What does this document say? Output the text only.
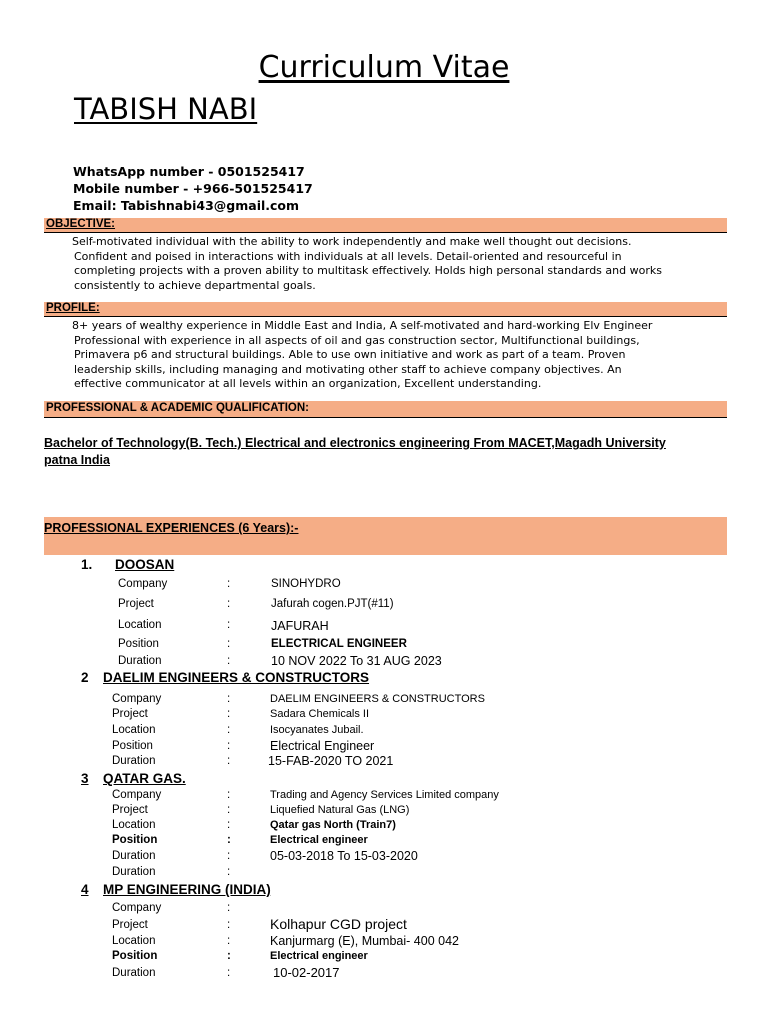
Curriculum Vitae
TABISH NABI
WhatsApp number - 0501525417
Mobile number - +966-501525417
Email: Tabishnabi43@gmail.com
OBJECTIVE:
Self-motivated individual with the ability to work independently and make well thought out decisions.
Confident and poised in interactions with individuals at all levels. Detail-oriented and resourceful in
completing projects with a proven ability to multitask effectively. Holds high personal standards and works
consistently to achieve departmental goals.
PROFILE:
8+ years of wealthy experience in Middle East and India, A self-motivated and hard-working Elv Engineer
Professional with experience in all aspects of oil and gas construction sector, Multifunctional buildings,
Primavera p6 and structural buildings. Able to use own initiative and work as part of a team. Proven
leadership skills, including managing and motivating other staff to achieve company objectives. An
effective communicator at all levels within an organization, Excellent understanding.
PROFESSIONAL & ACADEMIC QUALIFICATION:
Bachelor of Technology(B. Tech.) Electrical and electronics engineering From MACET,Magadh University
patna India
PROFESSIONAL EXPERIENCES (6 Years):-
1. DOOSAN
Company	:	SINOHYDRO
Project	:	Jafurah cogen.PJT(#11)
Location	:	JAFURAH
Position	:	ELECTRICAL ENGINEER
Duration	:	10 NOV 2022 To 31 AUG 2023
2 DAELIM ENGINEERS & CONSTRUCTORS
Company	:	DAELIM ENGINEERS & CONSTRUCTORS
Project	:	Sadara Chemicals II
Location	:	Isocyanates Jubail.
Position	:	Electrical Engineer
Duration	:	15-FAB-2020 TO 2021
3 QATAR GAS.
Company	:	Trading and Agency Services Limited company
Project	:	Liquefied Natural Gas (LNG)
Location	:	Qatar gas North (Train7)
Position	:	Electrical engineer
Duration	:	05-03-2018 To 15-03-2020
Duration	:
4 MP ENGINEERING (INDIA)
Company	:
Project	:	Kolhapur CGD project
Location	:	Kanjurmarg (E), Mumbai- 400 042
Position	:	Electrical engineer
Duration	:	10-02-2017
